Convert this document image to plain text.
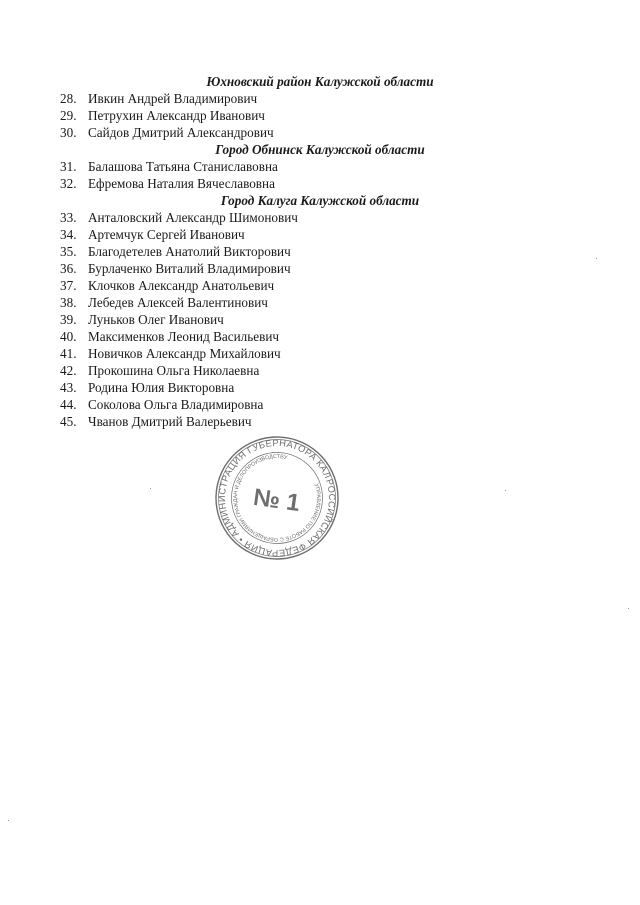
Юхновский район Калужской области
28. Ивкин Андрей Владимирович
29. Петрухин Александр Иванович
30. Сайдов Дмитрий Александрович
Город Обнинск Калужской области
31. Балашова Татьяна Станиславовна
32. Ефремова Наталия Вячеславовна
Город Калуга Калужской области
33. Анталовский Александр Шимонович
34. Артемчук Сергей Иванович
35. Благодетелев Анатолий Викторович
36. Бурлаченко Виталий Владимирович
37. Клочков Александр Анатольевич
38. Лебедев Алексей Валентинович
39. Луньков Олег Иванович
40. Максименков Леонид Васильевич
41. Новичков Александр Михайлович
42. Прокошина Ольга Николаевна
43. Родина Юлия Викторовна
44. Соколова Ольга Владимировна
45. Чванов Дмитрий Валерьевич
РОССИЙСКАЯ ФЕДЕРАЦИЯ • АДМИНИСТРАЦИЯ ГУБЕРНАТОРА КАЛУЖСКОЙ
УПРАВЛЕНИЕ ПО РАБОТЕ С ОБРАЩЕНИЯМИ ГРАЖДАН И ДЕЛОПРОИЗВОДСТВУ
№ 1
